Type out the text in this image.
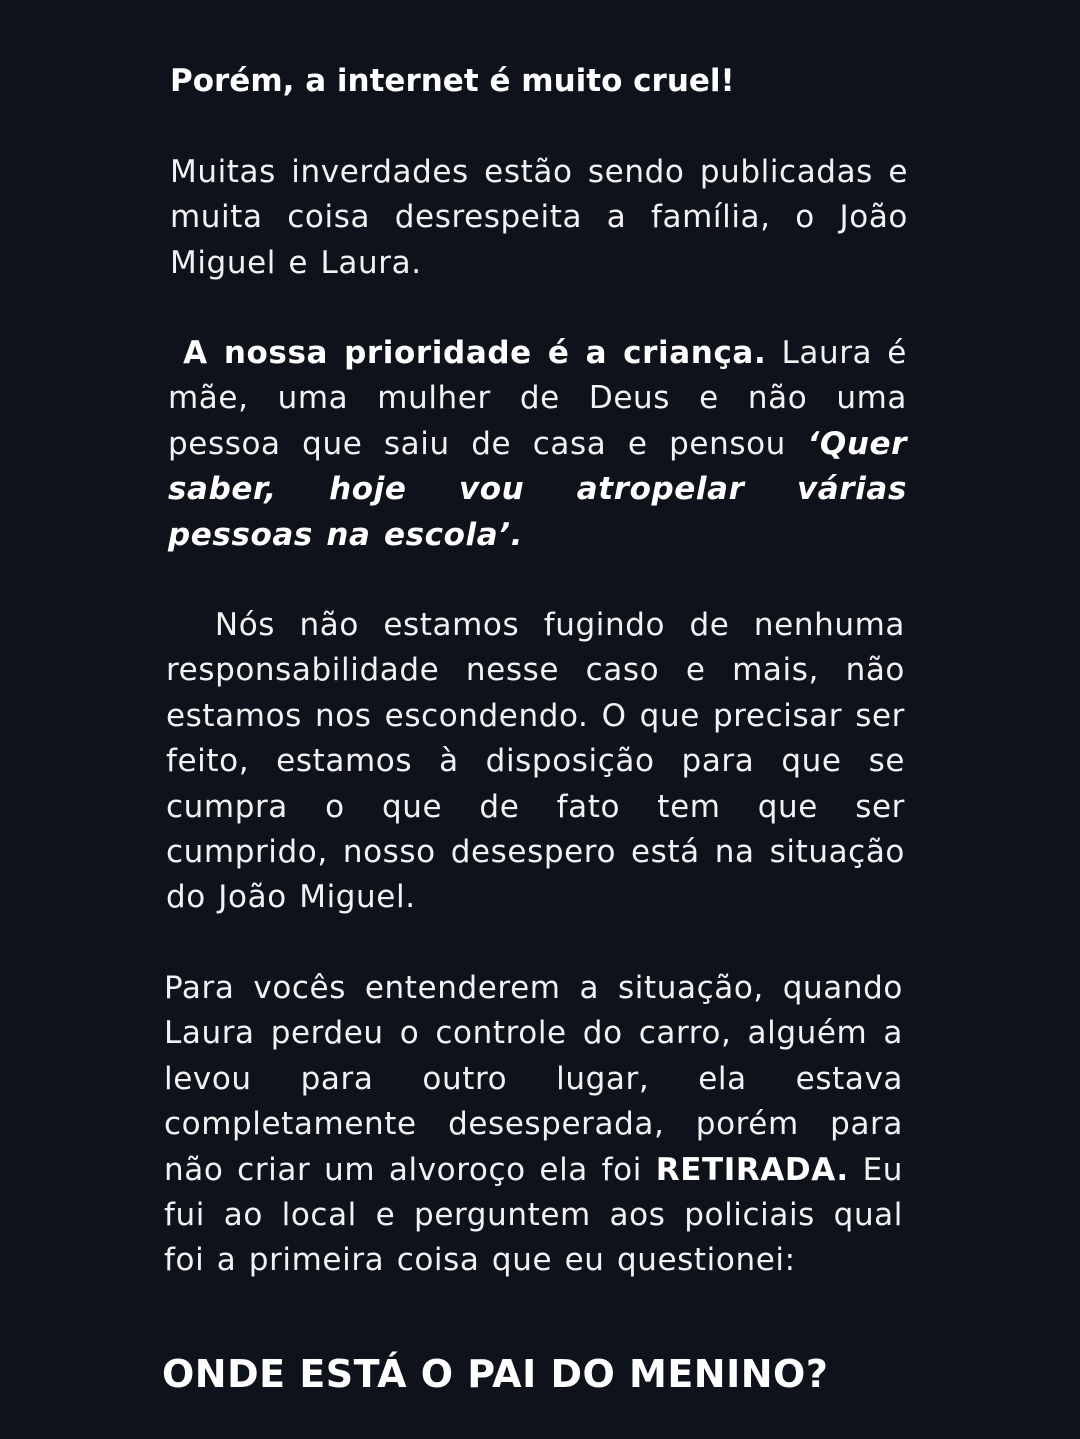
Porém, a internet é muito cruel!

Muitas inverdades estão sendo publicadas e muita coisa desrespeita a família, o João Miguel e Laura.

A nossa prioridade é a criança. Laura é mãe, uma mulher de Deus e não uma pessoa que saiu de casa e pensou ‘Quer saber, hoje vou atropelar várias pessoas na escola’.

Nós não estamos fugindo de nenhuma responsabilidade nesse caso e mais, não estamos nos escondendo. O que precisar ser feito, estamos à disposição para que se cumpra o que de fato tem que ser cumprido, nosso desespero está na situação do João Miguel.

Para vocês entenderem a situação, quando Laura perdeu o controle do carro, alguém a levou para outro lugar, ela estava completamente desesperada, porém para não criar um alvoroço ela foi RETIRADA. Eu fui ao local e perguntem aos policiais qual foi a primeira coisa que eu questionei:

ONDE ESTÁ O PAI DO MENINO?
